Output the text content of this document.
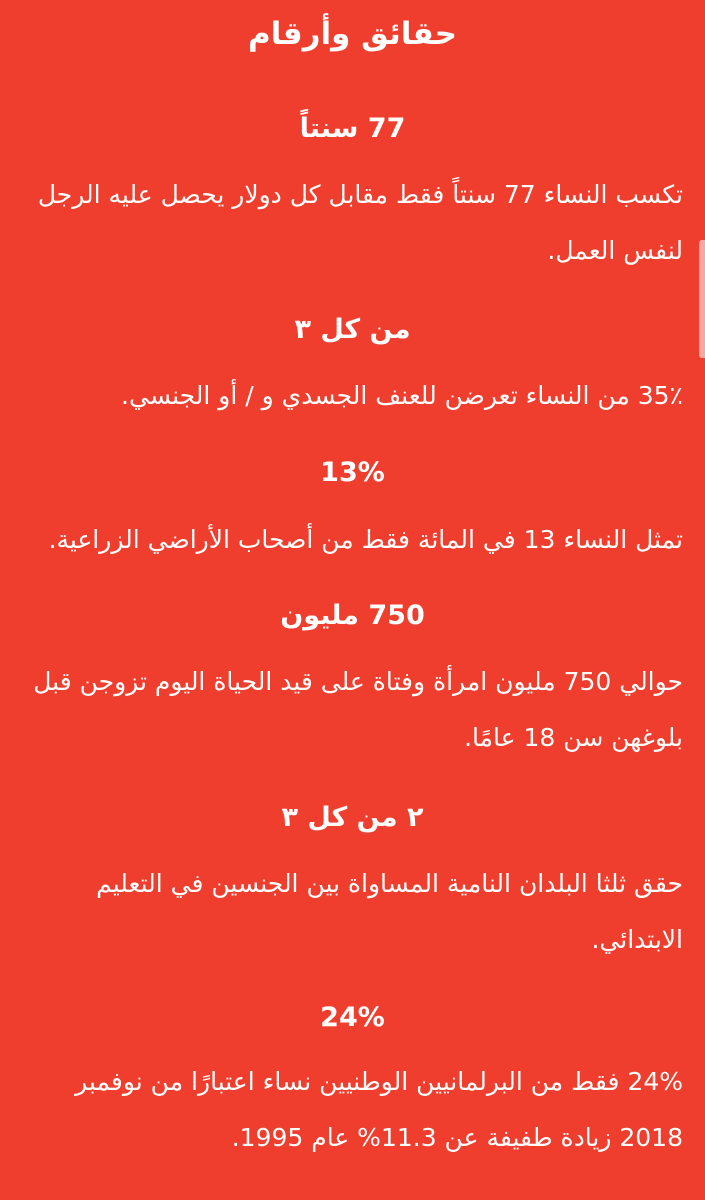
حقائق وأرقام
77 سنتاً
تكسب النساء 77 سنتاً فقط مقابل كل دولار يحصل عليه الرجل لنفس العمل.
من كل ٣
35٪ من النساء تعرضن للعنف الجسدي و / أو الجنسي.
13%
تمثل النساء 13 في المائة فقط من أصحاب الأراضي الزراعية.
750 مليون
حوالي 750 مليون امرأة وفتاة على قيد الحياة اليوم تزوجن قبل بلوغهن سن 18 عامًا.
٢ من كل ٣
حقق ثلثا البلدان النامية المساواة بين الجنسين في التعليم الابتدائي.
24%
24% فقط من البرلمانيين الوطنيين نساء اعتبارًا من نوفمبر 2018 زيادة طفيفة عن 11.3% عام 1995.
